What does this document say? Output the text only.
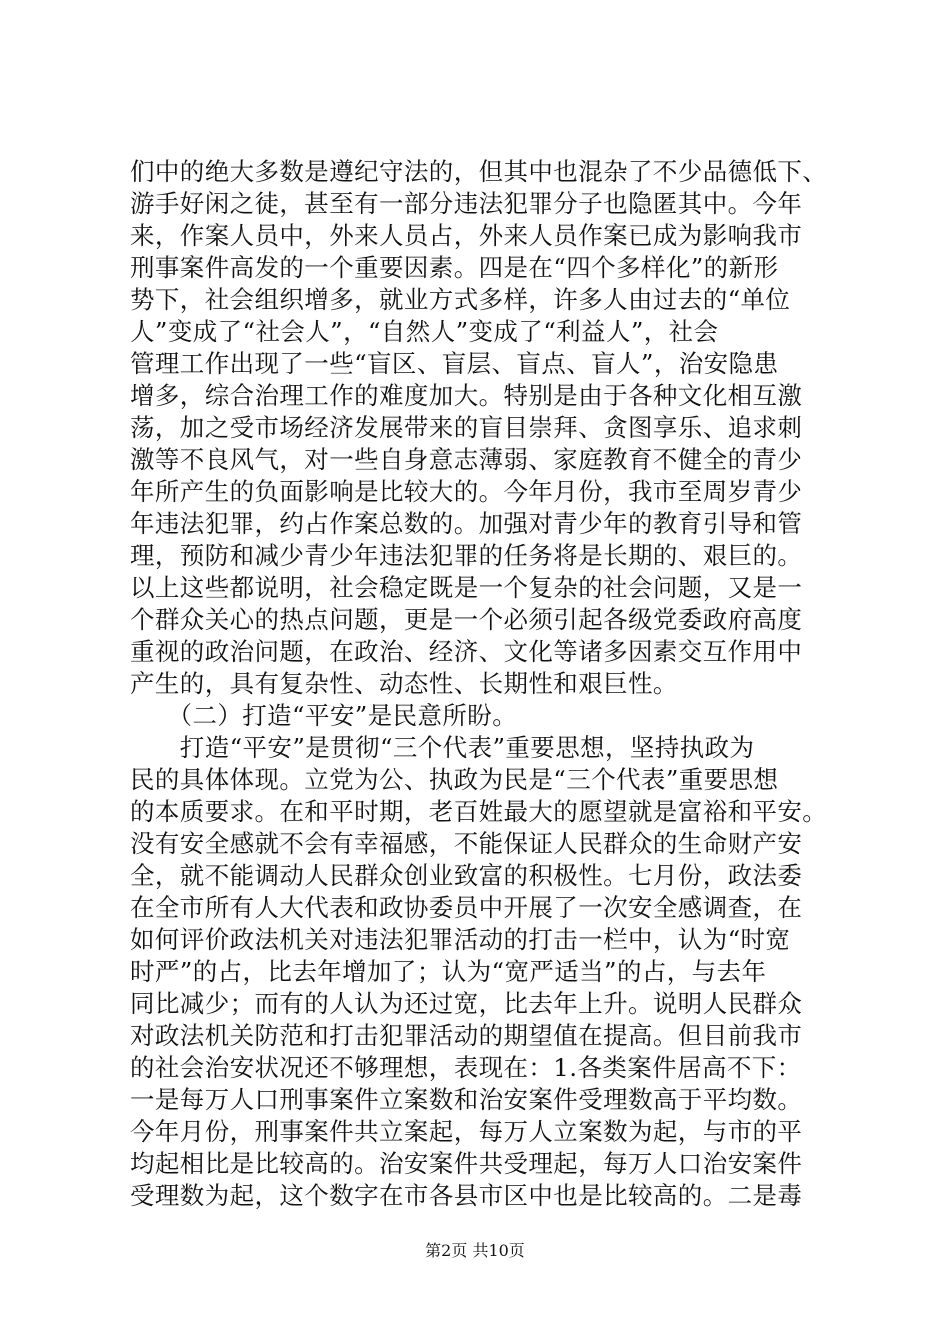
们中的绝大多数是遵纪守法的，但其中也混杂了不少品德低下、
游手好闲之徒，甚至有一部分违法犯罪分子也隐匿其中。今年
来，作案人员中，外来人员占，外来人员作案已成为影响我市
刑事案件高发的一个重要因素。四是在“四个多样化”的新形
势下，社会组织增多，就业方式多样，许多人由过去的“单位
人”变成了“社会人”，“自然人”变成了“利益人”，社会
管理工作出现了一些“盲区、盲层、盲点、盲人”，治安隐患
增多，综合治理工作的难度加大。特别是由于各种文化相互激
荡，加之受市场经济发展带来的盲目崇拜、贪图享乐、追求刺
激等不良风气，对一些自身意志薄弱、家庭教育不健全的青少
年所产生的负面影响是比较大的。今年月份，我市至周岁青少
年违法犯罪，约占作案总数的。加强对青少年的教育引导和管
理，预防和减少青少年违法犯罪的任务将是长期的、艰巨的。
以上这些都说明，社会稳定既是一个复杂的社会问题，又是一
个群众关心的热点问题，更是一个必须引起各级党委政府高度
重视的政治问题，在政治、经济、文化等诸多因素交互作用中
产生的，具有复杂性、动态性、长期性和艰巨性。
　　（二）打造“平安”是民意所盼。
　　打造“平安”是贯彻“三个代表”重要思想，坚持执政为
民的具体体现。立党为公、执政为民是“三个代表”重要思想
的本质要求。在和平时期，老百姓最大的愿望就是富裕和平安。
没有安全感就不会有幸福感，不能保证人民群众的生命财产安
全，就不能调动人民群众创业致富的积极性。七月份，政法委
在全市所有人大代表和政协委员中开展了一次安全感调查，在
如何评价政法机关对违法犯罪活动的打击一栏中，认为“时宽
时严”的占，比去年增加了；认为“宽严适当”的占，与去年
同比减少；而有的人认为还过宽，比去年上升。说明人民群众
对政法机关防范和打击犯罪活动的期望值在提高。但目前我市
的社会治安状况还不够理想，表现在：1.各类案件居高不下：
一是每万人口刑事案件立案数和治安案件受理数高于平均数。
今年月份，刑事案件共立案起，每万人立案数为起，与市的平
均起相比是比较高的。治安案件共受理起，每万人口治安案件
受理数为起，这个数字在市各县市区中也是比较高的。二是毒
第2页 共10页
